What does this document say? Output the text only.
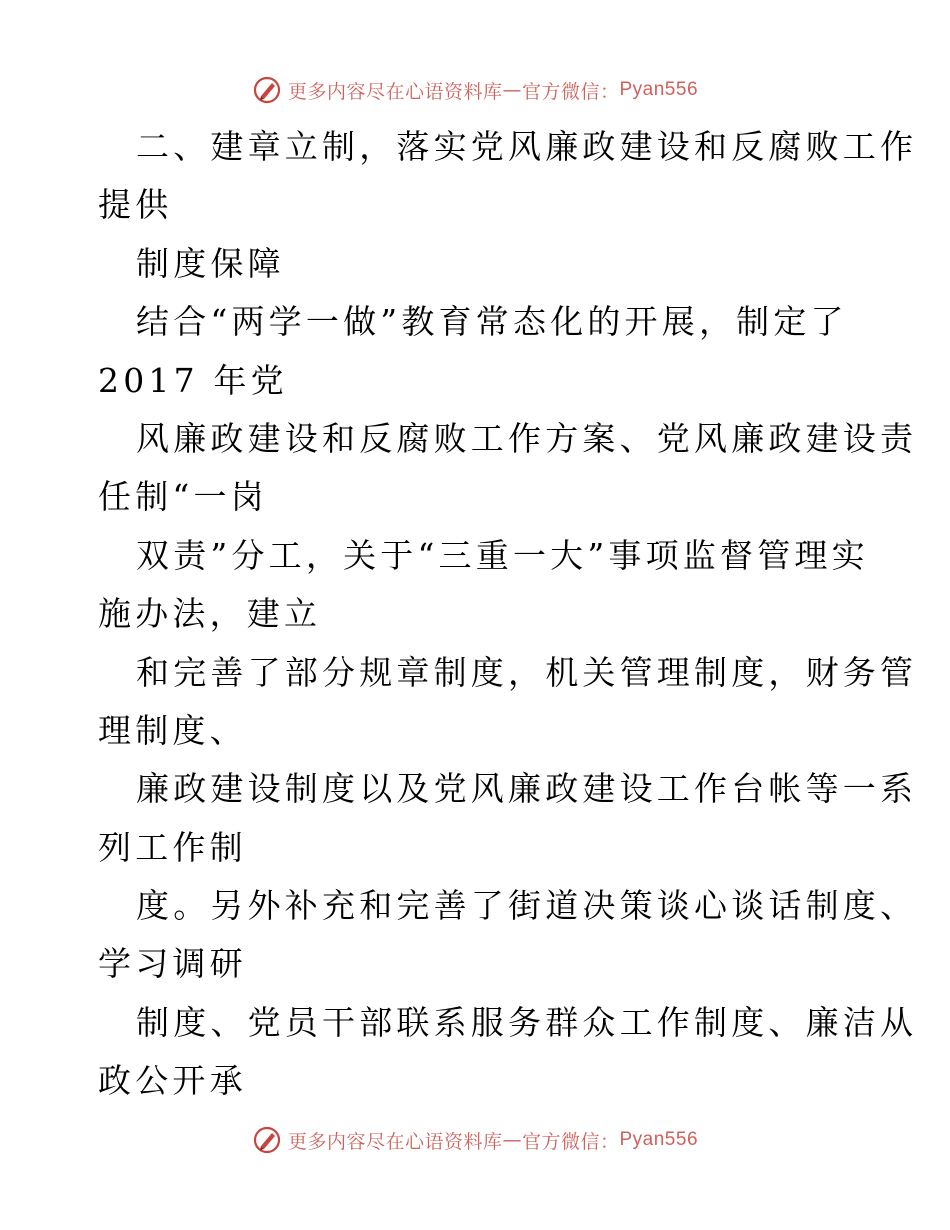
更多内容尽在心语资料库 — 官方微信： Pyan556
二、建章立制，落实党风廉政建设和反腐败工作
提供
制度保障
结合“两学一做”教育常态化的开展，制定了
2017 年党
风廉政建设和反腐败工作方案、党风廉政建设责
任制“一岗
双责”分工，关于“三重一大”事项监督管理实
施办法，建立
和完善了部分规章制度，机关管理制度，财务管
理制度、
廉政建设制度以及党风廉政建设工作台帐等一系
列工作制
度。另外补充和完善了街道决策谈心谈话制度、
学习调研
制度、党员干部联系服务群众工作制度、廉洁从
政公开承
更多内容尽在心语资料库 — 官方微信： Pyan556
